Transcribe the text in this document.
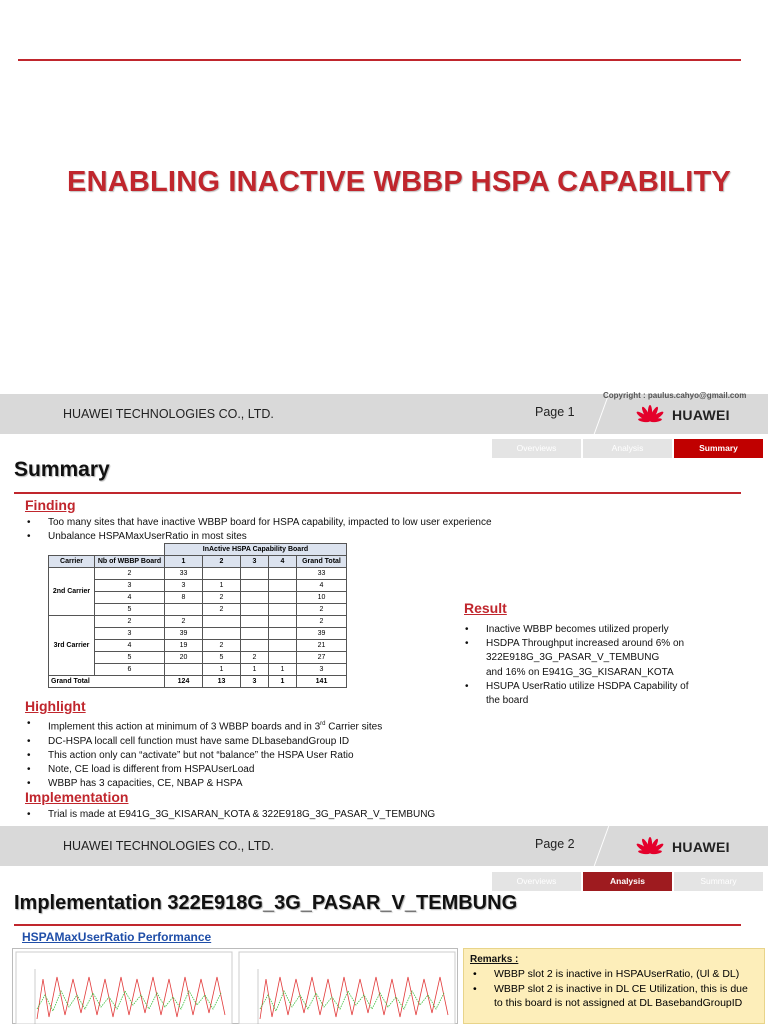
ENABLING INACTIVE WBBP HSPA CAPABILITY
HUAWEI TECHNOLOGIES CO., LTD.	Page 1	HUAWEI
Copyright : paulus.cahyo@gmail.com
Overviews	Analysis	Summary
Summary
Finding
• Too many sites that have inactive WBBP board for HSPA capability, impacted to low user experience
• Unbalance HSPAMaxUserRatio in most sites
		InActive HSPA Capability Board				
Carrier	Nb of WBBP Board	1	2	3	4	Grand Total
2nd Carrier	2	33				33
	3	3	1			4
	4	8	2			10
	5		2			2
3rd Carrier	2	2				2
	3	39				39
	4	19	2			21
	5	20	5	2		27
	6		1	1	1	3
Grand Total		124	13	3	1	141
Result
• Inactive WBBP becomes utilized properly
• HSDPA Throughput increased around 6% on
322E918G_3G_PASAR_V_TEMBUNG
and 16% on E941G_3G_KISARAN_KOTA
• HSUPA UserRatio utilize HSDPA Capability of
the board
Highlight
• Implement this action at minimum of 3 WBBP boards and in 3rd Carrier sites
• DC-HSPA locall cell function must have same DLbasebandGroup ID
• This action only can “activate” but not “balance” the HSPA User Ratio
• Note, CE load is different from HSPAUserLoad
• WBBP has 3 capacities, CE, NBAP & HSPA
Implementation
• Trial is made at E941G_3G_KISARAN_KOTA & 322E918G_3G_PASAR_V_TEMBUNG
HUAWEI TECHNOLOGIES CO., LTD.	Page 2	HUAWEI
Overviews	Analysis	Summary
Implementation 322E918G_3G_PASAR_V_TEMBUNG
HSPAMaxUserRatio Performance
Remarks :
• WBBP slot 2 is inactive in HSPAUserRatio, (Ul & DL)
• WBBP slot 2 is inactive in DL CE Utilization, this is due to this board is not assigned at DL BasebandGroupID
